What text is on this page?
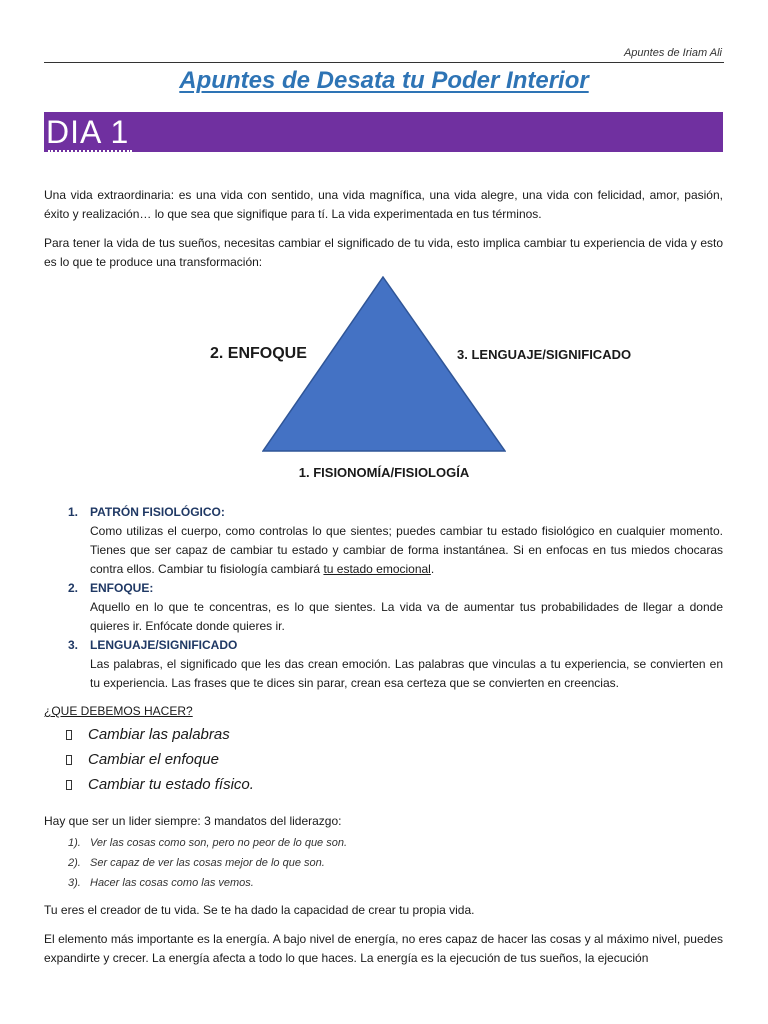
Apuntes de Iriam Ali
Apuntes de Desata tu Poder Interior
DIA 1
Una vida extraordinaria: es una vida con sentido, una vida magnífica, una vida alegre, una vida con felicidad, amor, pasión, éxito y realización… lo que sea que signifique para tí. La vida experimentada en tus términos.
Para tener la vida de tus sueños, necesitas cambiar el significado de tu vida, esto implica cambiar tu experiencia de vida y esto es lo que te produce una transformación:
2. ENFOQUE	3. LENGUAJE/SIGNIFICADO
1. FISIONOMÍA/FISIOLOGÍA
1. PATRÓN FISIOLÓGICO:
Como utilizas el cuerpo, como controlas lo que sientes; puedes cambiar tu estado fisiológico en cualquier momento. Tienes que ser capaz de cambiar tu estado y cambiar de forma instantánea. Si en enfocas en tus miedos chocaras contra ellos. Cambiar tu fisiología cambiará tu estado emocional.
2. ENFOQUE:
Aquello en lo que te concentras, es lo que sientes. La vida va de aumentar tus probabilidades de llegar a donde quieres ir. Enfócate donde quieres ir.
3. LENGUAJE/SIGNIFICADO
Las palabras, el significado que les das crean emoción. Las palabras que vinculas a tu experiencia, se convierten en tu experiencia. Las frases que te dices sin parar, crean esa certeza que se convierten en creencias.
¿QUE DEBEMOS HACER?
Cambiar las palabras
Cambiar el enfoque
Cambiar tu estado físico.
Hay que ser un lider siempre: 3 mandatos del liderazgo:
1). Ver las cosas como son, pero no peor de lo que son.
2). Ser capaz de ver las cosas mejor de lo que son.
3). Hacer las cosas como las vemos.
Tu eres el creador de tu vida. Se te ha dado la capacidad de crear tu propia vida.
El elemento más importante es la energía. A bajo nivel de energía, no eres capaz de hacer las cosas y al máximo nivel, puedes expandirte y crecer. La energía afecta a todo lo que haces. La energía es la ejecución de tus sueños, la ejecución
